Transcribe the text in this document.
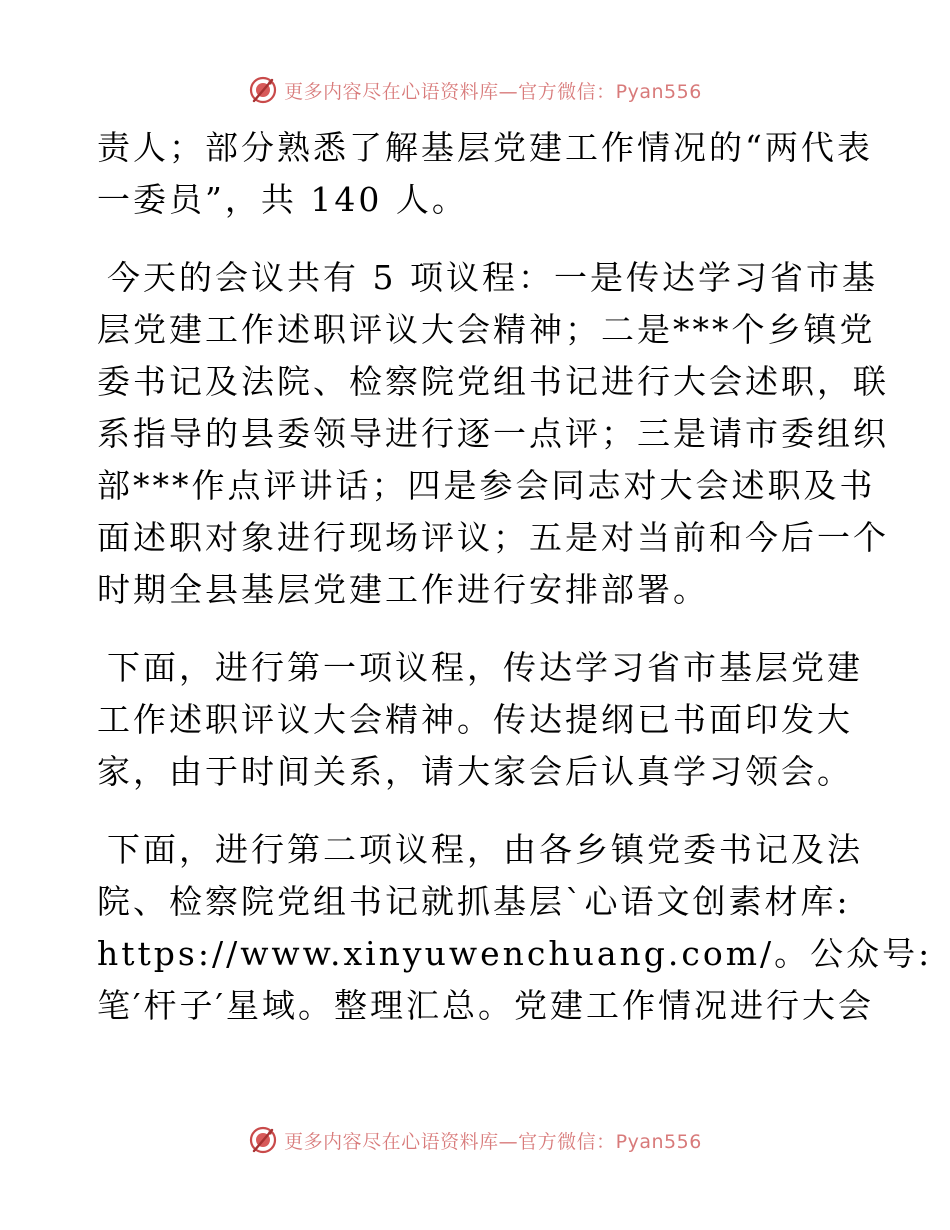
更多内容尽在心语资料库—官方微信：Pyan556

责人；部分熟悉了解基层党建工作情况的“两代表
一委员”，共 140 人。

今天的会议共有 5 项议程：一是传达学习省市基
层党建工作述职评议大会精神；二是***个乡镇党
委书记及法院、检察院党组书记进行大会述职，联
系指导的县委领导进行逐一点评；三是请市委组织
部***作点评讲话；四是参会同志对大会述职及书
面述职对象进行现场评议；五是对当前和今后一个
时期全县基层党建工作进行安排部署。

下面，进行第一项议程，传达学习省市基层党建
工作述职评议大会精神。传达提纲已书面印发大
家，由于时间关系，请大家会后认真学习领会。

下面，进行第二项议程，由各乡镇党委书记及法
院、检察院党组书记就抓基层`心语文创素材库:
https://www.xinyuwenchuang.com/。公众号:
笔′杆子′星域。整理汇总。党建工作情况进行大会

更多内容尽在心语资料库—官方微信：Pyan556
